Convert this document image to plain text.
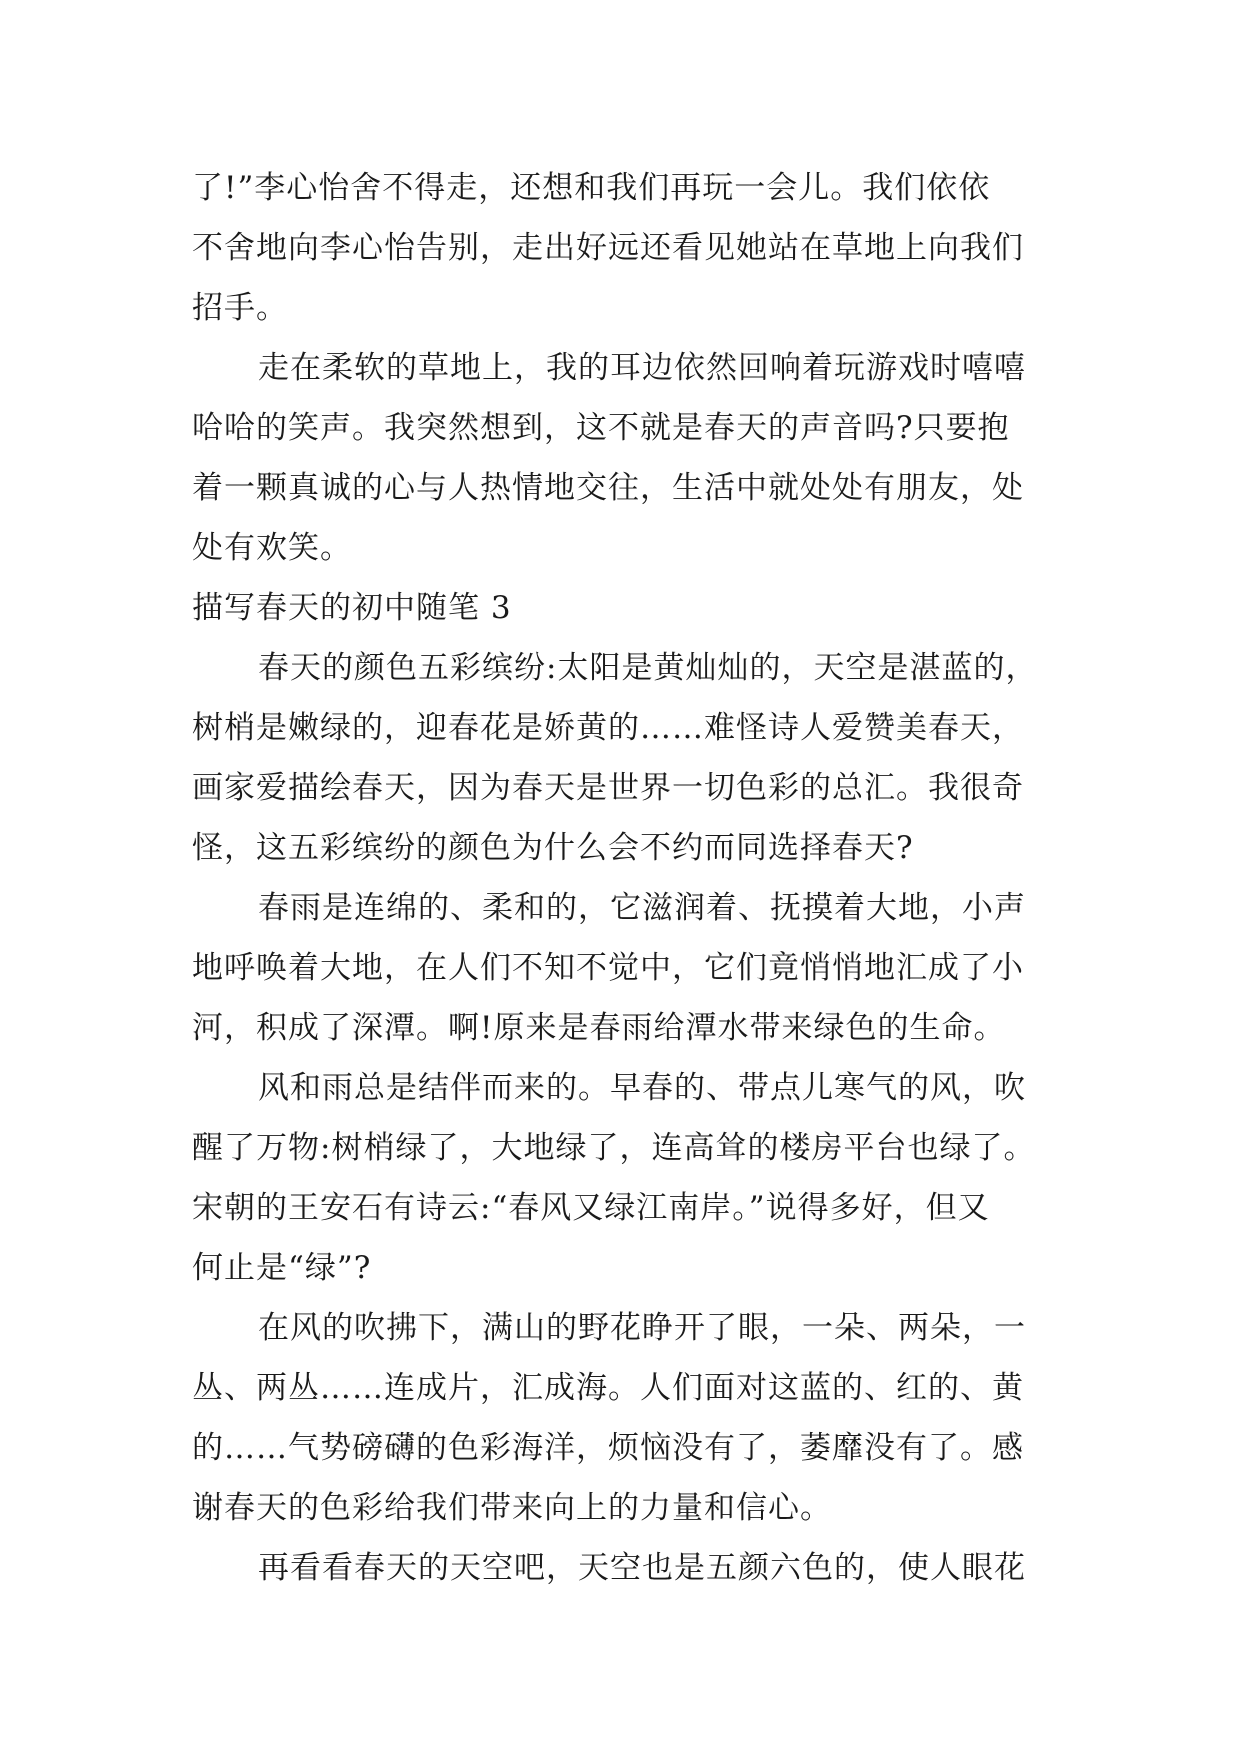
了!”李心怡舍不得走，还想和我们再玩一会儿。我们依依
不舍地向李心怡告别，走出好远还看见她站在草地上向我们
招手。
走在柔软的草地上，我的耳边依然回响着玩游戏时嘻嘻
哈哈的笑声。我突然想到，这不就是春天的声音吗?只要抱
着一颗真诚的心与人热情地交往，生活中就处处有朋友，处
处有欢笑。
描写春天的初中随笔 3
春天的颜色五彩缤纷:太阳是黄灿灿的，天空是湛蓝的，
树梢是嫩绿的，迎春花是娇黄的……难怪诗人爱赞美春天，
画家爱描绘春天，因为春天是世界一切色彩的总汇。我很奇
怪，这五彩缤纷的颜色为什么会不约而同选择春天?
春雨是连绵的、柔和的，它滋润着、抚摸着大地，小声
地呼唤着大地，在人们不知不觉中，它们竟悄悄地汇成了小
河，积成了深潭。啊!原来是春雨给潭水带来绿色的生命。
风和雨总是结伴而来的。早春的、带点儿寒气的风，吹
醒了万物:树梢绿了，大地绿了，连高耸的楼房平台也绿了。
宋朝的王安石有诗云:“春风又绿江南岸。”说得多好，但又
何止是“绿”?
在风的吹拂下，满山的野花睁开了眼，一朵、两朵，一
丛、两丛……连成片，汇成海。人们面对这蓝的、红的、黄
的……气势磅礴的色彩海洋，烦恼没有了，萎靡没有了。感
谢春天的色彩给我们带来向上的力量和信心。
再看看春天的天空吧，天空也是五颜六色的，使人眼花
